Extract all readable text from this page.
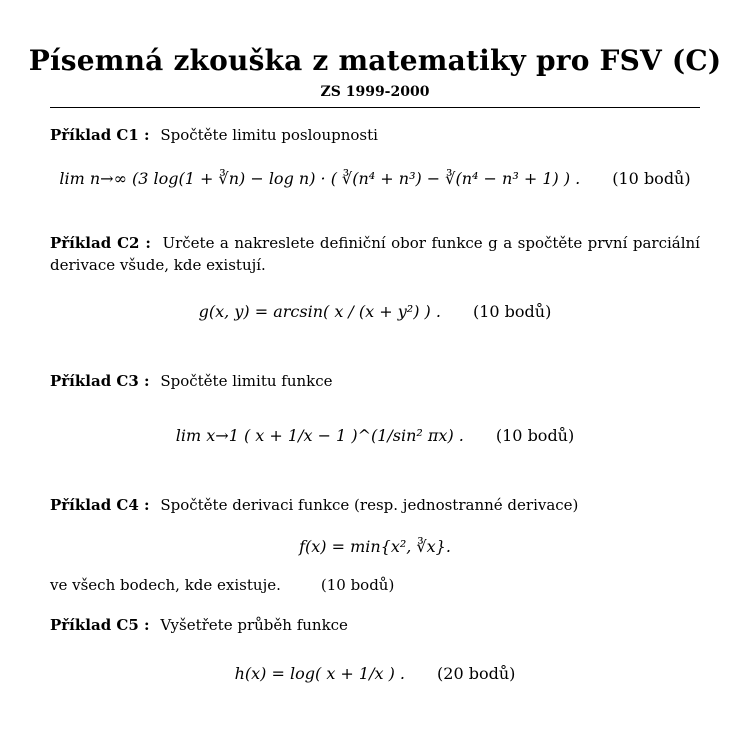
Písemná zkouška z matematiky pro FSV (C)
ZS 1999-2000
Příklad C1 : Spočtěte limitu posloupnosti
lim n→∞ (3 log(1 + ∛n) − log n) · ( ∛(n⁴ + n³) − ∛(n⁴ − n³ + 1) ) . (10 bodů)
Příklad C2 : Určete a nakreslete definiční obor funkce g a spočtěte první parciální derivace všude, kde existují.
g(x, y) = arcsin( x / (x + y²) ) . (10 bodů)
Příklad C3 : Spočtěte limitu funkce
lim x→1 ( x + 1/x − 1 )^(1/sin² πx) . (10 bodů)
Příklad C4 : Spočtěte derivaci funkce (resp. jednostranné derivace)
f(x) = min{x², ∛x}.
ve všech bodech, kde existuje.	(10 bodů)
Příklad C5 : Vyšetřete průběh funkce
h(x) = log( x + 1/x ) . (20 bodů)
